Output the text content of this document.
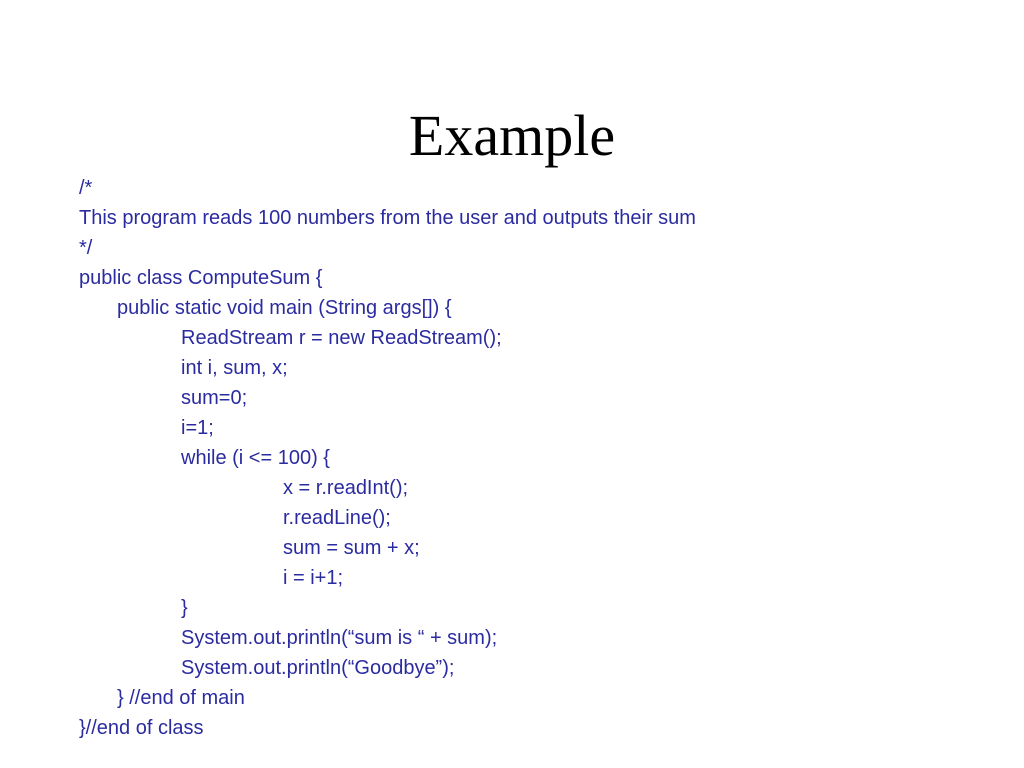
Example
/*
This program reads 100 numbers from the user and outputs their sum
*/
public class ComputeSum {
public static void main (String args[]) {
ReadStream r = new ReadStream();
int i, sum, x;
sum=0;
i=1;
while (i <= 100) {
x = r.readInt();
r.readLine();
sum = sum + x;
i = i+1;
}
System.out.println(“sum is “ + sum);
System.out.println(“Goodbye”);
} //end of main
}//end of class
